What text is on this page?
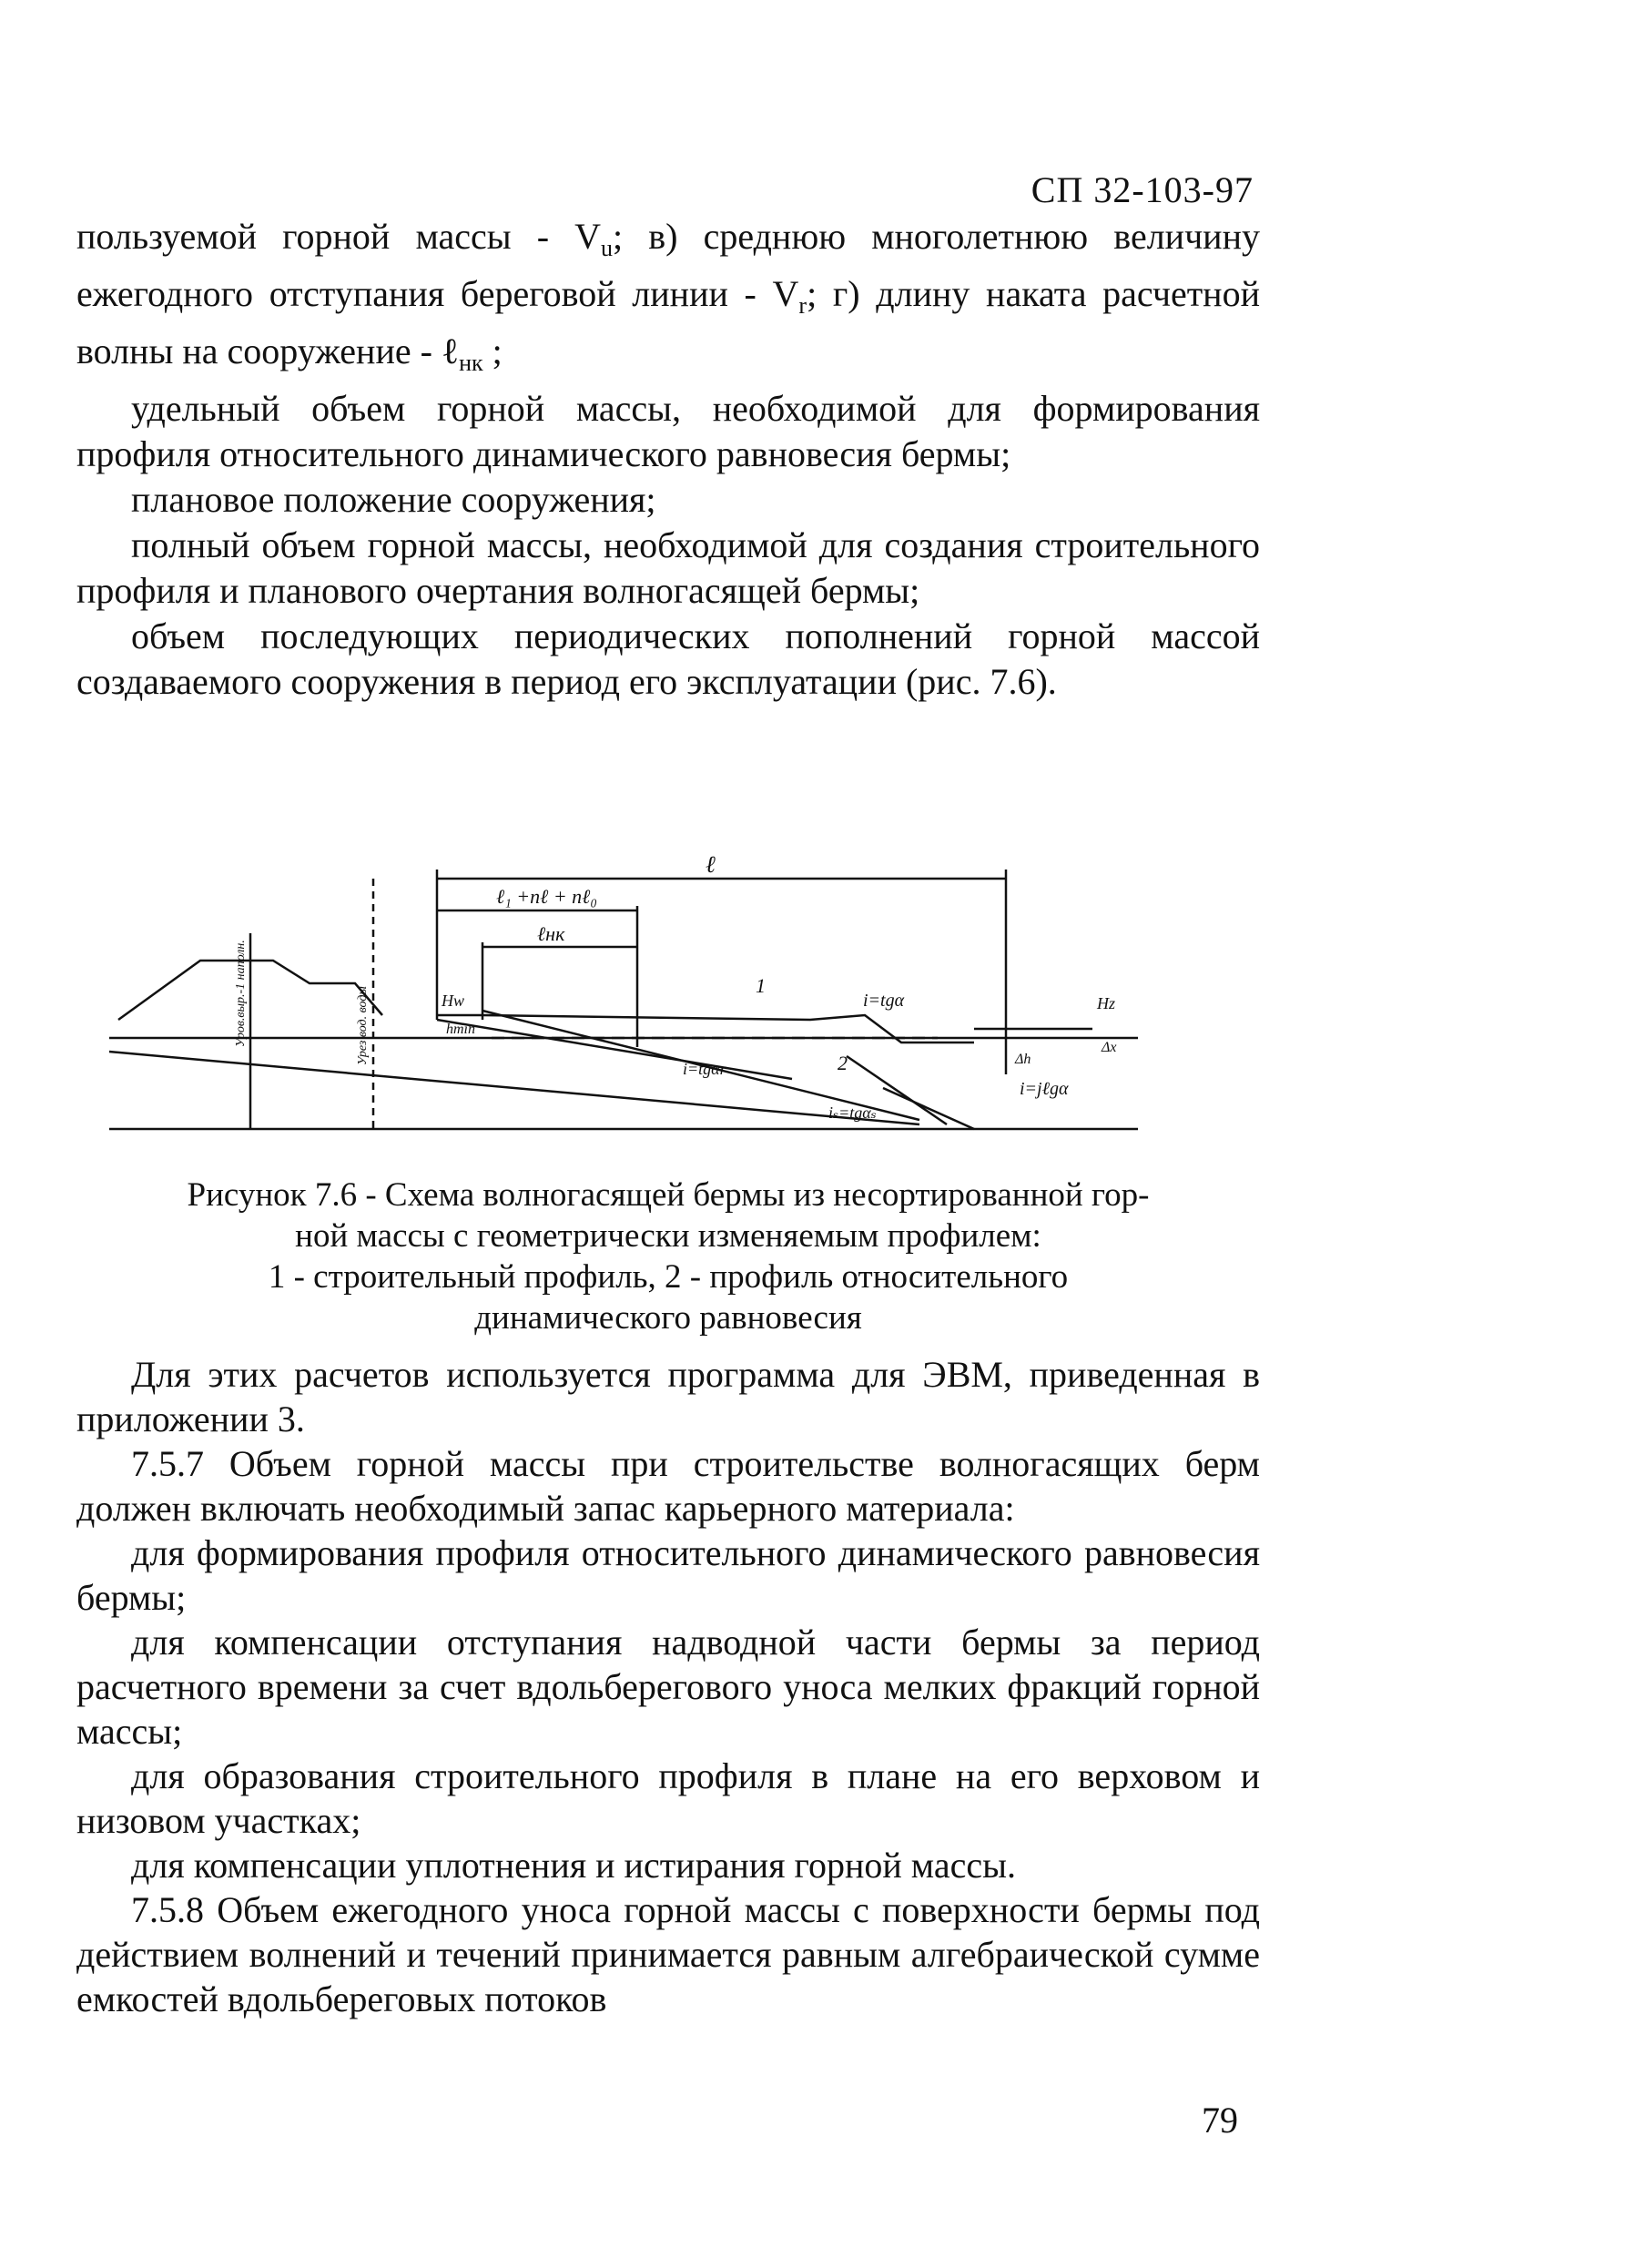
СП 32-103-97

пользуемой горной массы - $V_u$; в) среднюю многолетнюю величину ежегодного отступания береговой линии - $V_r$; г) длину наката расчетной волны на сооружение - ℓ$_{нк}$ ;

удельный объем горной массы, необходимой для формирования профиля относительного динамического равновесия бермы;

плановое положение сооружения;

полный объем горной массы, необходимой для создания строительного профиля и планового очертания волногасящей бермы;

объем последующих периодических пополнений горной массой создаваемого сооружения в период его эксплуатации (рис. 7.6).

ℓ
ℓ₁ +nℓ + nℓ₀
ℓнк
Hw
hmin
1
2
i=tgα
i=tgαr
iₛ=tgαₛ
Hz
Δx
Δh
i=jℓgα
Уров.выр.-1 наполн.	Урез вод. воды

Рисунок 7.6 - Схема волногасящей бермы из несортированной гор-

ной массы с геометрически изменяемым профилем:

1 - строительный профиль, 2 - профиль относительного

динамического равновесия

Для этих расчетов используется программа для ЭВМ, приведенная в приложении 3.

7.5.7 Объем горной массы при строительстве волногасящих берм должен включать необходимый запас карьерного материала:

для формирования профиля относительного динамического равновесия бермы;

для компенсации отступания надводной части бермы за период расчетного времени за счет вдольберегового уноса мелких фракций горной массы;

для образования строительного профиля в плане на его верховом и низовом участках;

для компенсации уплотнения и истирания горной массы.

7.5.8 Объем ежегодного уноса горной массы с поверхности бермы под действием волнений и течений принимается равным алгебраической сумме емкостей вдольбереговых потоков

79
